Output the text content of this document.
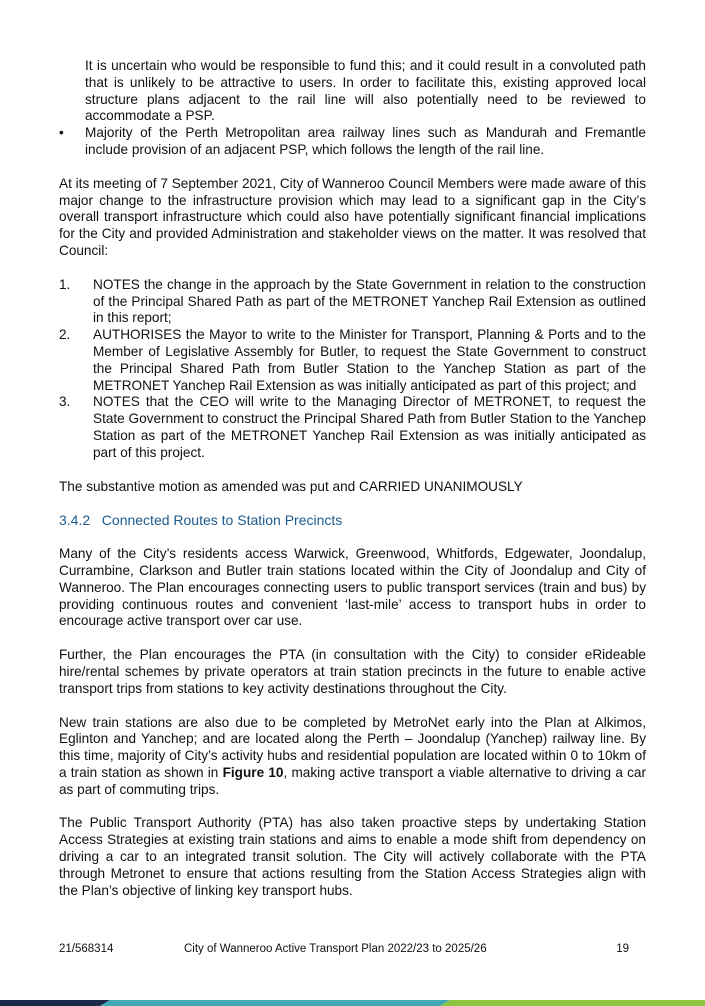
It is uncertain who would be responsible to fund this; and it could result in a convoluted path that is unlikely to be attractive to users. In order to facilitate this, existing approved local structure plans adjacent to the rail line will also potentially need to be reviewed to accommodate a PSP.

•	Majority of the Perth Metropolitan area railway lines such as Mandurah and Fremantle include provision of an adjacent PSP, which follows the length of the rail line.

At its meeting of 7 September 2021, City of Wanneroo Council Members were made aware of this major change to the infrastructure provision which may lead to a significant gap in the City’s overall transport infrastructure which could also have potentially significant financial implications for the City and provided Administration and stakeholder views on the matter. It was resolved that Council:

1.	NOTES the change in the approach by the State Government in relation to the construction of the Principal Shared Path as part of the METRONET Yanchep Rail Extension as outlined in this report;
2.	AUTHORISES the Mayor to write to the Minister for Transport, Planning & Ports and to the Member of Legislative Assembly for Butler, to request the State Government to construct the Principal Shared Path from Butler Station to the Yanchep Station as part of the METRONET Yanchep Rail Extension as was initially anticipated as part of this project; and
3.	NOTES that the CEO will write to the Managing Director of METRONET, to request the State Government to construct the Principal Shared Path from Butler Station to the Yanchep Station as part of the METRONET Yanchep Rail Extension as was initially anticipated as part of this project.

The substantive motion as amended was put and CARRIED UNANIMOUSLY

3.4.2   Connected Routes to Station Precincts

Many of the City’s residents access Warwick, Greenwood, Whitfords, Edgewater, Joondalup, Currambine, Clarkson and Butler train stations located within the City of Joondalup and City of Wanneroo. The Plan encourages connecting users to public transport services (train and bus) by providing continuous routes and convenient ‘last-mile’ access to transport hubs in order to encourage active transport over car use.

Further, the Plan encourages the PTA (in consultation with the City) to consider eRideable hire/rental schemes by private operators at train station precincts in the future to enable active transport trips from stations to key activity destinations throughout the City.

New train stations are also due to be completed by MetroNet early into the Plan at Alkimos, Eglinton and Yanchep; and are located along the Perth – Joondalup (Yanchep) railway line. By this time, majority of City’s activity hubs and residential population are located within 0 to 10km of a train station as shown in Figure 10, making active transport a viable alternative to driving a car as part of commuting trips.

The Public Transport Authority (PTA) has also taken proactive steps by undertaking Station Access Strategies at existing train stations and aims to enable a mode shift from dependency on driving a car to an integrated transit solution. The City will actively collaborate with the PTA through Metronet to ensure that actions resulting from the Station Access Strategies align with the Plan’s objective of linking key transport hubs.

21/568314	City of Wanneroo Active Transport Plan 2022/23 to 2025/26	19
